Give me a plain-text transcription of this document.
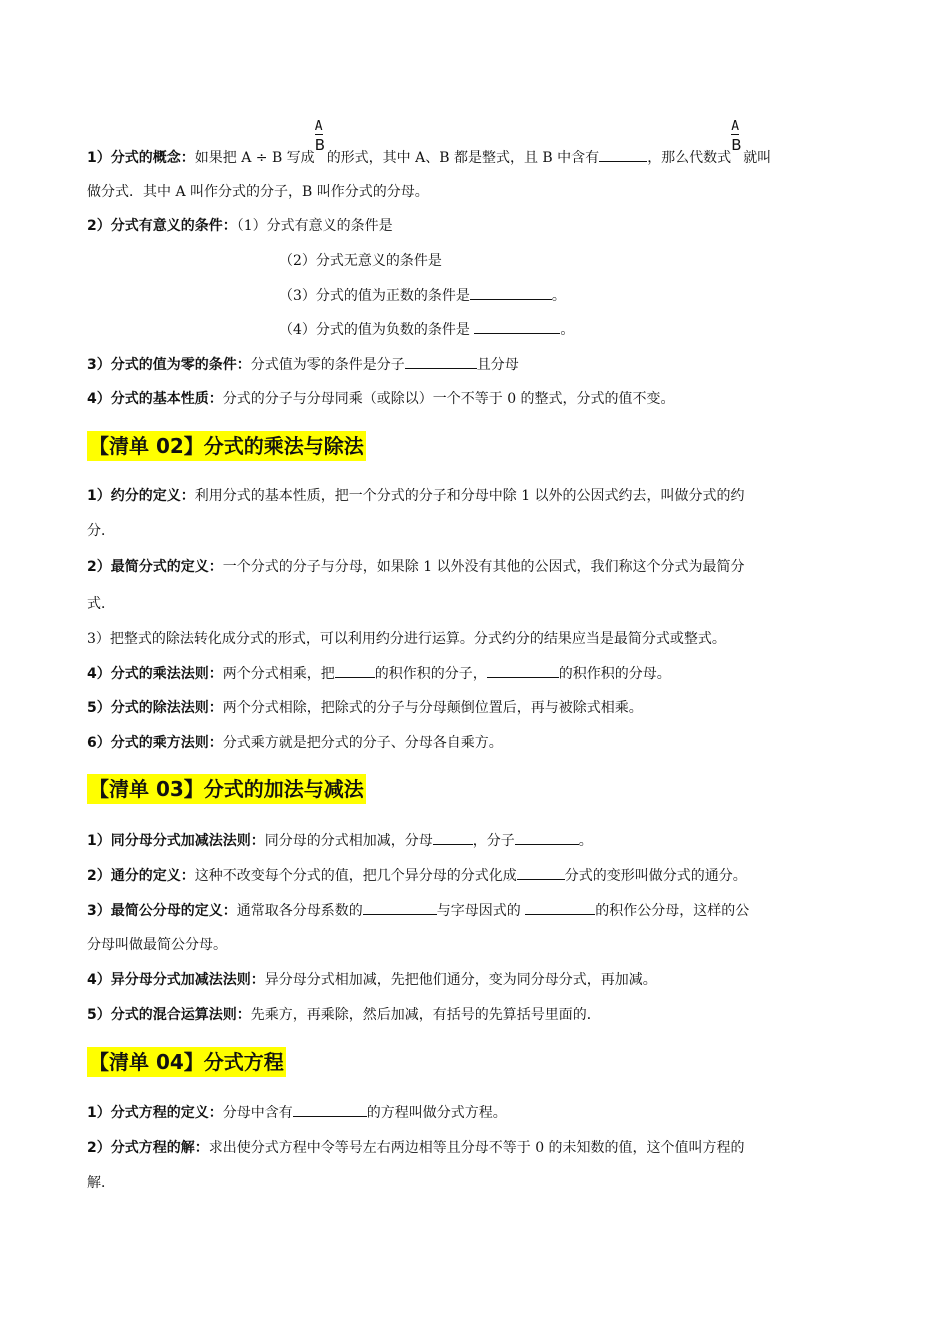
1）分式的概念：如果把 A ÷ B 写成 $\frac{A}{B}$ 的形式，其中 A、B 都是整式，且 B 中含有	，那么代数式 $\frac{A}{B}$ 就叫
做分式．其中 A 叫作分式的分子，B 叫作分式的分母。
2）分式有意义的条件：（1）分式有意义的条件是
（2）分式无意义的条件是
（3）分式的值为正数的条件是	。
（4）分式的值为负数的条件是	。
3）分式的值为零的条件：分式值为零的条件是分子	且分母
4）分式的基本性质：分式的分子与分母同乘（或除以）一个不等于 0 的整式，分式的值不变。
【清单 02】分式的乘法与除法
1）约分的定义：利用分式的基本性质，把一个分式的分子和分母中除 1 以外的公因式约去，叫做分式的约
分．
2）最简分式的定义：一个分式的分子与分母，如果除 1 以外没有其他的公因式，我们称这个分式为最简分
式．
3）把整式的除法转化成分式的形式，可以利用约分进行运算。分式约分的结果应当是最简分式或整式。
4）分式的乘法法则：两个分式相乘，把	的积作积的分子，	的积作积的分母。
5）分式的除法法则：两个分式相除，把除式的分子与分母颠倒位置后，再与被除式相乘。
6）分式的乘方法则：分式乘方就是把分式的分子、分母各自乘方。
【清单 03】分式的加法与减法
1）同分母分式加减法法则：同分母的分式相加减，分母	，分子	。
2）通分的定义：这种不改变每个分式的值，把几个异分母的分式化成	分式的变形叫做分式的通分。
3）最简公分母的定义：通常取各分母系数的	与字母因式的	的积作公分母，这样的公
分母叫做最简公分母。
4）异分母分式加减法法则：异分母分式相加减，先把他们通分，变为同分母分式，再加减。
5）分式的混合运算法则：先乘方，再乘除，然后加减，有括号的先算括号里面的．
【清单 04】分式方程
1）分式方程的定义：分母中含有	的方程叫做分式方程。
2）分式方程的解：求出使分式方程中令等号左右两边相等且分母不等于 0 的未知数的值，这个值叫方程的
解．
